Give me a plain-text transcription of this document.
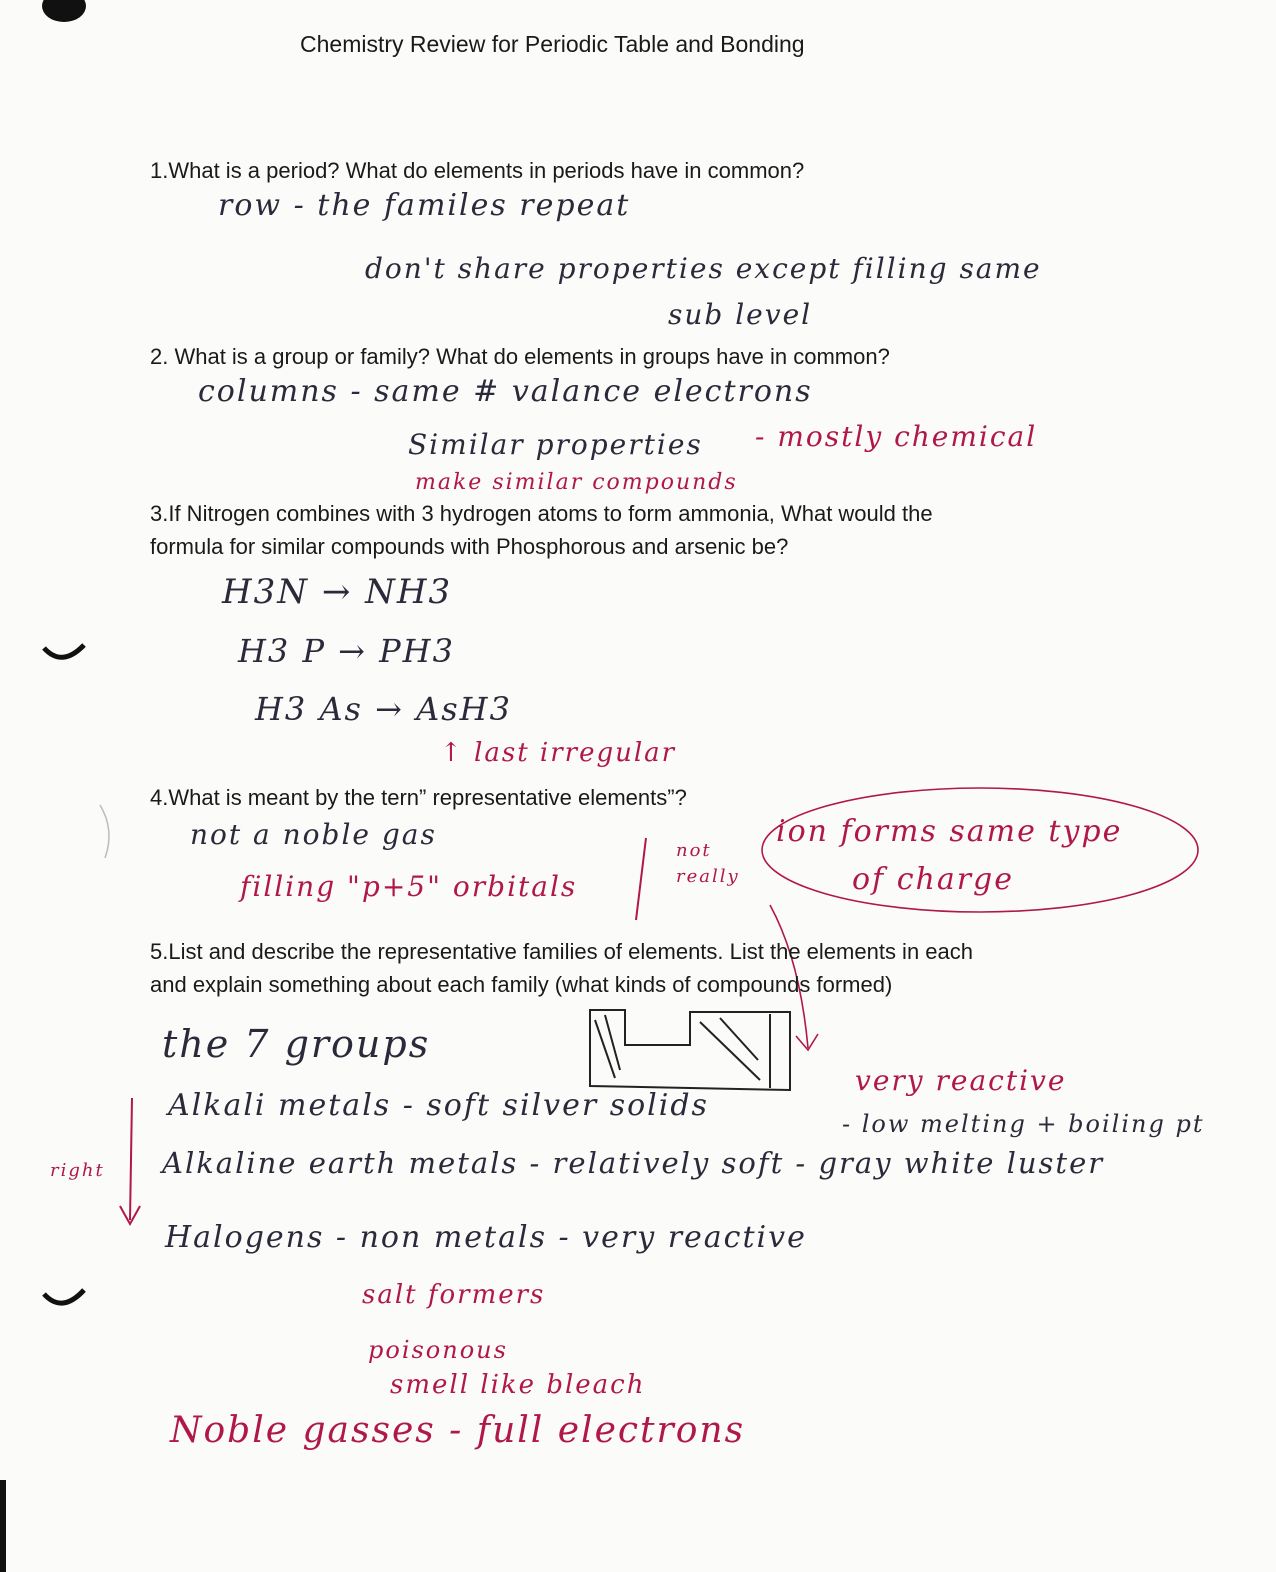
Chemistry Review for Periodic Table and Bonding
1.What is a period? What do elements in periods have in common?
row - the familes repeat
don't share properties except filling same
sub level
2. What is a group or family? What do elements in groups have in common?
columns - same # valance electrons
Similar properties - mostly chemical
make similar compounds
3.If Nitrogen combines with 3 hydrogen atoms to form ammonia, What would the
formula for similar compounds with Phosphorous and arsenic be?
H3N → NH3
H3 P → PH3
H3 As → AsH3
↑ last irregular
4.What is meant by the tern” representative elements”?
not a noble gas
filling "p+5" orbitals
not really
ion forms same type
of charge
5.List and describe the representative families of elements. List the elements in each
and explain something about each family (what kinds of compounds formed)
the 7 groups
very reactive
Alkali metals - soft silver solids
- low melting + boiling pt
right Alkaline earth metals - relatively soft - gray white luster
Halogens - non metals - very reactive
salt formers
poisonous
smell like bleach
Noble gasses - full electrons
